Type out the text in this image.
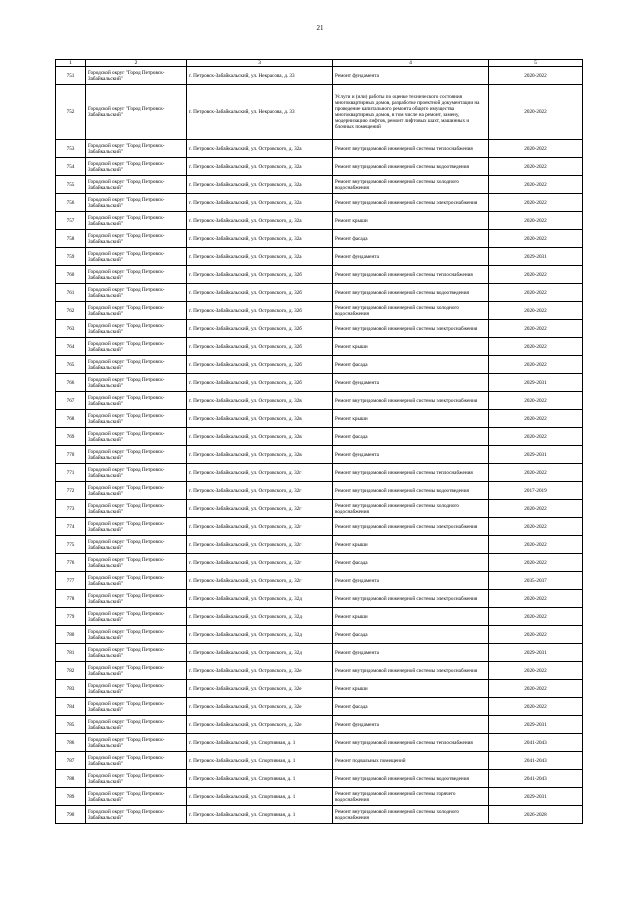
21
1	2	3	4	5
751	Городской округ "Город Петровск-Забайкальский"	г. Петровск-Забайкальский, ул. Некрасова, д. 33	Ремонт фундамента	2020-2022
752	Городской округ "Город Петровск-Забайкальский"	г. Петровск-Забайкальский, ул. Некрасова, д. 33	Услуги и (или) работы по оценке технического состояния многоквартирных домов, разработке проектной документации на проведение капитального ремонта общего имущества многоквартирных домов, в том числе на ремонт, замену, модернизацию лифтов, ремонт лифтовых шахт, машинных и блочных помещений	2020-2022
753	Городской округ "Город Петровск-Забайкальский"	г. Петровск-Забайкальский, ул. Островского, д. 32а	Ремонт внутридомовой инженерной системы теплоснабжения	2020-2022
754	Городской округ "Город Петровск-Забайкальский"	г. Петровск-Забайкальский, ул. Островского, д. 32а	Ремонт внутридомовой инженерной системы водоотведения	2020-2022
755	Городской округ "Город Петровск-Забайкальский"	г. Петровск-Забайкальский, ул. Островского, д. 32а	Ремонт внутридомовой инженерной системы холодного водоснабжения	2020-2022
756	Городской округ "Город Петровск-Забайкальский"	г. Петровск-Забайкальский, ул. Островского, д. 32а	Ремонт внутридомовой инженерной системы электроснабжения	2020-2022
757	Городской округ "Город Петровск-Забайкальский"	г. Петровск-Забайкальский, ул. Островского, д. 32а	Ремонт крыши	2020-2022
758	Городской округ "Город Петровск-Забайкальский"	г. Петровск-Забайкальский, ул. Островского, д. 32а	Ремонт фасада	2020-2022
759	Городской округ "Город Петровск-Забайкальский"	г. Петровск-Забайкальский, ул. Островского, д. 32а	Ремонт фундамента	2029-2031
760	Городской округ "Город Петровск-Забайкальский"	г. Петровск-Забайкальский, ул. Островского, д. 32б	Ремонт внутридомовой инженерной системы теплоснабжения	2020-2022
761	Городской округ "Город Петровск-Забайкальский"	г. Петровск-Забайкальский, ул. Островского, д. 32б	Ремонт внутридомовой инженерной системы водоотведения	2020-2022
762	Городской округ "Город Петровск-Забайкальский"	г. Петровск-Забайкальский, ул. Островского, д. 32б	Ремонт внутридомовой инженерной системы холодного водоснабжения	2020-2022
763	Городской округ "Город Петровск-Забайкальский"	г. Петровск-Забайкальский, ул. Островского, д. 32б	Ремонт внутридомовой инженерной системы электроснабжения	2020-2022
764	Городской округ "Город Петровск-Забайкальский"	г. Петровск-Забайкальский, ул. Островского, д. 32б	Ремонт крыши	2020-2022
765	Городской округ "Город Петровск-Забайкальский"	г. Петровск-Забайкальский, ул. Островского, д. 32б	Ремонт фасада	2020-2022
766	Городской округ "Город Петровск-Забайкальский"	г. Петровск-Забайкальский, ул. Островского, д. 32б	Ремонт фундамента	2029-2031
767	Городской округ "Город Петровск-Забайкальский"	г. Петровск-Забайкальский, ул. Островского, д. 32в	Ремонт внутридомовой инженерной системы электроснабжения	2020-2022
768	Городской округ "Город Петровск-Забайкальский"	г. Петровск-Забайкальский, ул. Островского, д. 32в	Ремонт крыши	2020-2022
769	Городской округ "Город Петровск-Забайкальский"	г. Петровск-Забайкальский, ул. Островского, д. 32в	Ремонт фасада	2020-2022
770	Городской округ "Город Петровск-Забайкальский"	г. Петровск-Забайкальский, ул. Островского, д. 32в	Ремонт фундамента	2029-2031
771	Городской округ "Город Петровск-Забайкальский"	г. Петровск-Забайкальский, ул. Островского, д. 32г	Ремонт внутридомовой инженерной системы теплоснабжения	2020-2022
772	Городской округ "Город Петровск-Забайкальский"	г. Петровск-Забайкальский, ул. Островского, д. 32г	Ремонт внутридомовой инженерной системы водоотведения	2017-2019
773	Городской округ "Город Петровск-Забайкальский"	г. Петровск-Забайкальский, ул. Островского, д. 32г	Ремонт внутридомовой инженерной системы холодного водоснабжения	2020-2022
774	Городской округ "Город Петровск-Забайкальский"	г. Петровск-Забайкальский, ул. Островского, д. 32г	Ремонт внутридомовой инженерной системы электроснабжения	2020-2022
775	Городской округ "Город Петровск-Забайкальский"	г. Петровск-Забайкальский, ул. Островского, д. 32г	Ремонт крыши	2020-2022
776	Городской округ "Город Петровск-Забайкальский"	г. Петровск-Забайкальский, ул. Островского, д. 32г	Ремонт фасада	2020-2022
777	Городской округ "Город Петровск-Забайкальский"	г. Петровск-Забайкальский, ул. Островского, д. 32г	Ремонт фундамента	2035-2037
778	Городской округ "Город Петровск-Забайкальский"	г. Петровск-Забайкальский, ул. Островского, д. 32д	Ремонт внутридомовой инженерной системы электроснабжения	2020-2022
779	Городской округ "Город Петровск-Забайкальский"	г. Петровск-Забайкальский, ул. Островского, д. 32д	Ремонт крыши	2020-2022
780	Городской округ "Город Петровск-Забайкальский"	г. Петровск-Забайкальский, ул. Островского, д. 32д	Ремонт фасада	2020-2022
781	Городской округ "Город Петровск-Забайкальский"	г. Петровск-Забайкальский, ул. Островского, д. 32д	Ремонт фундамента	2029-2031
782	Городской округ "Город Петровск-Забайкальский"	г. Петровск-Забайкальский, ул. Островского, д. 32е	Ремонт внутридомовой инженерной системы электроснабжения	2020-2022
783	Городской округ "Город Петровск-Забайкальский"	г. Петровск-Забайкальский, ул. Островского, д. 32е	Ремонт крыши	2020-2022
784	Городской округ "Город Петровск-Забайкальский"	г. Петровск-Забайкальский, ул. Островского, д. 32е	Ремонт фасада	2020-2022
785	Городской округ "Город Петровск-Забайкальский"	г. Петровск-Забайкальский, ул. Островского, д. 32е	Ремонт фундамента	2029-2031
786	Городской округ "Город Петровск-Забайкальский"	г. Петровск-Забайкальский, ул. Спортивная, д. 1	Ремонт внутридомовой инженерной системы теплоснабжения	2041-2043
787	Городской округ "Город Петровск-Забайкальский"	г. Петровск-Забайкальский, ул. Спортивная, д. 1	Ремонт подвальных помещений	2041-2043
788	Городской округ "Город Петровск-Забайкальский"	г. Петровск-Забайкальский, ул. Спортивная, д. 1	Ремонт внутридомовой инженерной системы водоотведения	2041-2043
789	Городской округ "Город Петровск-Забайкальский"	г. Петровск-Забайкальский, ул. Спортивная, д. 1	Ремонт внутридомовой инженерной системы горячего водоснабжения	2029-2031
790	Городской округ "Город Петровск-Забайкальский"	г. Петровск-Забайкальский, ул. Спортивная, д. 1	Ремонт внутридомовой инженерной системы холодного водоснабжения	2026-2028
